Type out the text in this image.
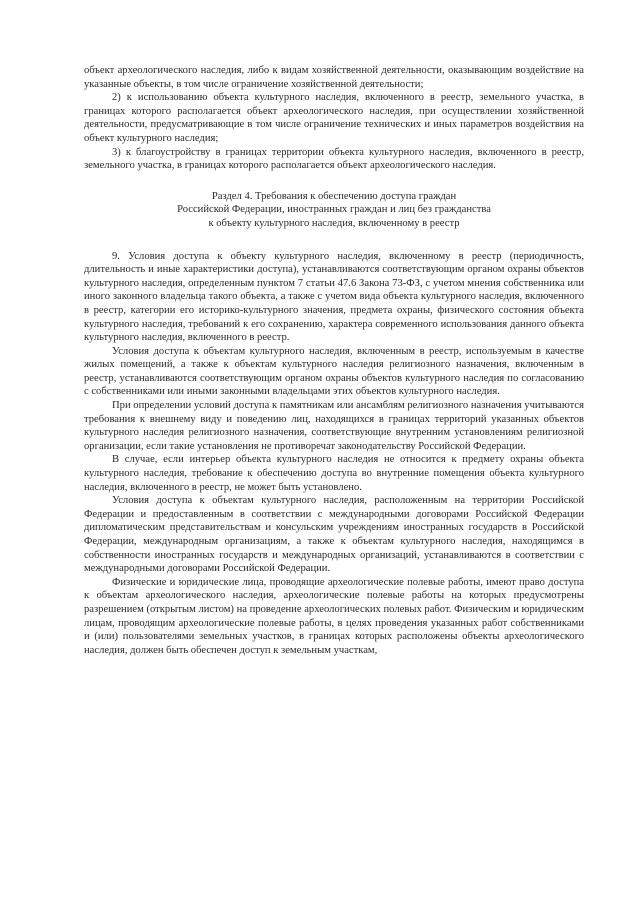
объект археологического наследия, либо к видам хозяйственной деятельности, оказывающим воздействие на указанные объекты, в том числе ограничение хозяйственной деятельности;

2) к использованию объекта культурного наследия, включенного в реестр, земельного участка, в границах которого располагается объект археологического наследия, при осуществлении хозяйственной деятельности, предусматривающие в том числе ограничение технических и иных параметров воздействия на объект культурного наследия;

3) к благоустройству в границах территории объекта культурного наследия, включенного в реестр, земельного участка, в границах которого располагается объект археологического наследия.

Раздел 4. Требования к обеспечению доступа граждан
Российской Федерации, иностранных граждан и лиц без гражданства
к объекту культурного наследия, включенному в реестр

9. Условия доступа к объекту культурного наследия, включенному в реестр (периодичность, длительность и иные характеристики доступа), устанавливаются соответствующим органом охраны объектов культурного наследия, определенным пунктом 7 статьи 47.6 Закона 73-ФЗ, с учетом мнения собственника или иного законного владельца такого объекта, а также с учетом вида объекта культурного наследия, включенного в реестр, категории его историко-культурного значения, предмета охраны, физического состояния объекта культурного наследия, требований к его сохранению, характера современного использования данного объекта культурного наследия, включенного в реестр.

Условия доступа к объектам культурного наследия, включенным в реестр, используемым в качестве жилых помещений, а также к объектам культурного наследия религиозного назначения, включенным в реестр, устанавливаются соответствующим органом охраны объектов культурного наследия по согласованию с собственниками или иными законными владельцами этих объектов культурного наследия.

При определении условий доступа к памятникам или ансамблям религиозного назначения учитываются требования к внешнему виду и поведению лиц, находящихся в границах территорий указанных объектов культурного наследия религиозного назначения, соответствующие внутренним установлениям религиозной организации, если такие установления не противоречат законодательству Российской Федерации.

В случае, если интерьер объекта культурного наследия не относится к предмету охраны объекта культурного наследия, требование к обеспечению доступа во внутренние помещения объекта культурного наследия, включенного в реестр, не может быть установлено.

Условия доступа к объектам культурного наследия, расположенным на территории Российской Федерации и предоставленным в соответствии с международными договорами Российской Федерации дипломатическим представительствам и консульским учреждениям иностранных государств в Российской Федерации, международным организациям, а также к объектам культурного наследия, находящимся в собственности иностранных государств и международных организаций, устанавливаются в соответствии с международными договорами Российской Федерации.

Физические и юридические лица, проводящие археологические полевые работы, имеют право доступа к объектам археологического наследия, археологические полевые работы на которых предусмотрены разрешением (открытым листом) на проведение археологических полевых работ. Физическим и юридическим лицам, проводящим археологические полевые работы, в целях проведения указанных работ собственниками и (или) пользователями земельных участков, в границах которых расположены объекты археологического наследия, должен быть обеспечен доступ к земельным участкам,
